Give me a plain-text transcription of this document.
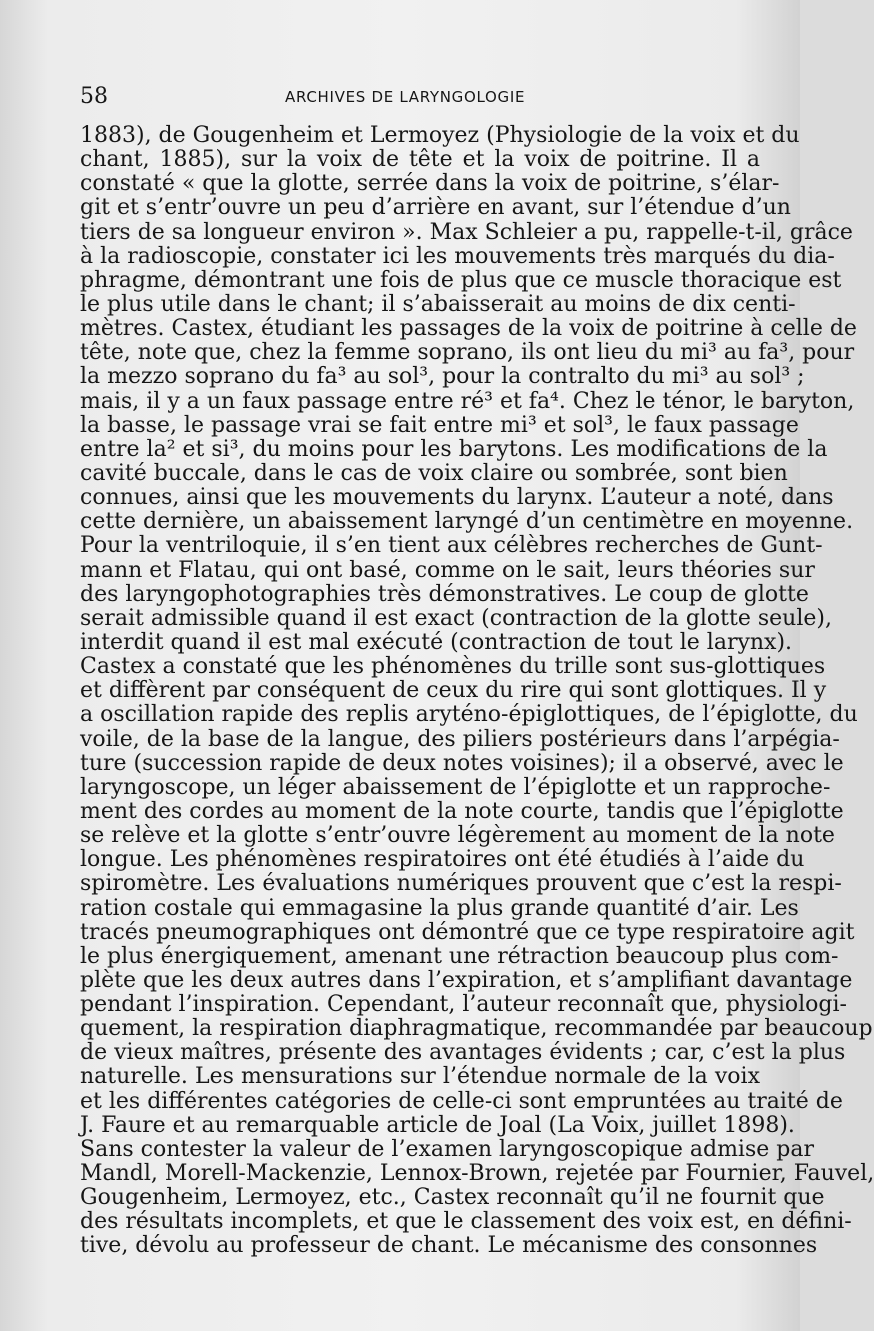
58	ARCHIVES DE LARYNGOLOGIE
1883), de Gougenheim et Lermoyez (Physiologie de la voix et du
chant, 1885), sur la voix de tête et la voix de poitrine. Il a
constaté « que la glotte, serrée dans la voix de poitrine, s’élar-
git et s’entr’ouvre un peu d’arrière en avant, sur l’étendue d’un
tiers de sa longueur environ ». Max Schleier a pu, rappelle-t-il, grâce
à la radioscopie, constater ici les mouvements très marqués du dia-
phragme, démontrant une fois de plus que ce muscle thoracique est
le plus utile dans le chant; il s’abaisserait au moins de dix centi-
mètres. Castex, étudiant les passages de la voix de poitrine à celle de
tête, note que, chez la femme soprano, ils ont lieu du mi³ au fa³, pour
la mezzo soprano du fa³ au sol³, pour la contralto du mi³ au sol³ ;
mais, il y a un faux passage entre ré³ et fa⁴. Chez le ténor, le baryton,
la basse, le passage vrai se fait entre mi³ et sol³, le faux passage
entre la² et si³, du moins pour les barytons. Les modifications de la
cavité buccale, dans le cas de voix claire ou sombrée, sont bien
connues, ainsi que les mouvements du larynx. L’auteur a noté, dans
cette dernière, un abaissement laryngé d’un centimètre en moyenne.
Pour la ventriloquie, il s’en tient aux célèbres recherches de Gunt-
mann et Flatau, qui ont basé, comme on le sait, leurs théories sur
des laryngophotographies très démonstratives. Le coup de glotte
serait admissible quand il est exact (contraction de la glotte seule),
interdit quand il est mal exécuté (contraction de tout le larynx).
Castex a constaté que les phénomènes du trille sont sus-glottiques
et diffèrent par conséquent de ceux du rire qui sont glottiques. Il y
a oscillation rapide des replis aryténo-épiglottiques, de l’épiglotte, du
voile, de la base de la langue, des piliers postérieurs dans l’arpégia-
ture (succession rapide de deux notes voisines); il a observé, avec le
laryngoscope, un léger abaissement de l’épiglotte et un rapproche-
ment des cordes au moment de la note courte, tandis que l’épiglotte
se relève et la glotte s’entr’ouvre légèrement au moment de la note
longue. Les phénomènes respiratoires ont été étudiés à l’aide du
spiromètre. Les évaluations numériques prouvent que c’est la respi-
ration costale qui emmagasine la plus grande quantité d’air. Les
tracés pneumographiques ont démontré que ce type respiratoire agit
le plus énergiquement, amenant une rétraction beaucoup plus com-
plète que les deux autres dans l’expiration, et s’amplifiant davantage
pendant l’inspiration. Cependant, l’auteur reconnaît que, physiologi-
quement, la respiration diaphragmatique, recommandée par beaucoup
de vieux maîtres, présente des avantages évidents ; car, c’est la plus
naturelle. Les mensurations sur l’étendue normale de la voix
et les différentes catégories de celle-ci sont empruntées au traité de
J. Faure et au remarquable article de Joal (La Voix, juillet 1898).
Sans contester la valeur de l’examen laryngoscopique admise par
Mandl, Morell-Mackenzie, Lennox-Brown, rejetée par Fournier, Fauvel,
Gougenheim, Lermoyez, etc., Castex reconnaît qu’il ne fournit que
des résultats incomplets, et que le classement des voix est, en défini-
tive, dévolu au professeur de chant. Le mécanisme des consonnes
